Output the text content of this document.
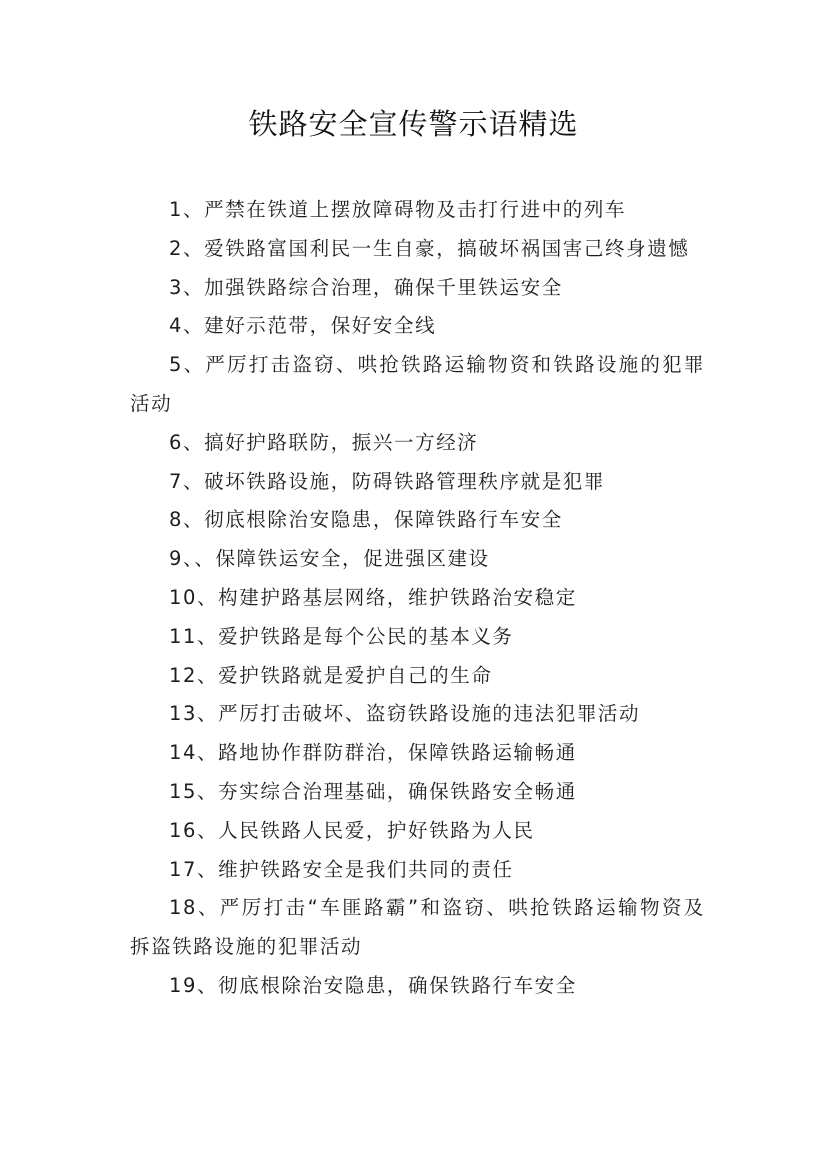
铁路安全宣传警示语精选
1、严禁在铁道上摆放障碍物及击打行进中的列车
2、爱铁路富国利民一生自豪，搞破坏祸国害己终身遗憾
3、加强铁路综合治理，确保千里铁运安全
4、建好示范带，保好安全线
5、严厉打击盗窃、哄抢铁路运输物资和铁路设施的犯罪活动
6、搞好护路联防，振兴一方经济
7、破坏铁路设施，防碍铁路管理秩序就是犯罪
8、彻底根除治安隐患，保障铁路行车安全
9、、保障铁运安全，促进强区建设
10、构建护路基层网络，维护铁路治安稳定
11、爱护铁路是每个公民的基本义务
12、爱护铁路就是爱护自己的生命
13、严厉打击破坏、盗窃铁路设施的违法犯罪活动
14、路地协作群防群治，保障铁路运输畅通
15、夯实综合治理基础，确保铁路安全畅通
16、人民铁路人民爱，护好铁路为人民
17、维护铁路安全是我们共同的责任
18、严厉打击“车匪路霸”和盗窃、哄抢铁路运输物资及拆盗铁路设施的犯罪活动
19、彻底根除治安隐患，确保铁路行车安全
